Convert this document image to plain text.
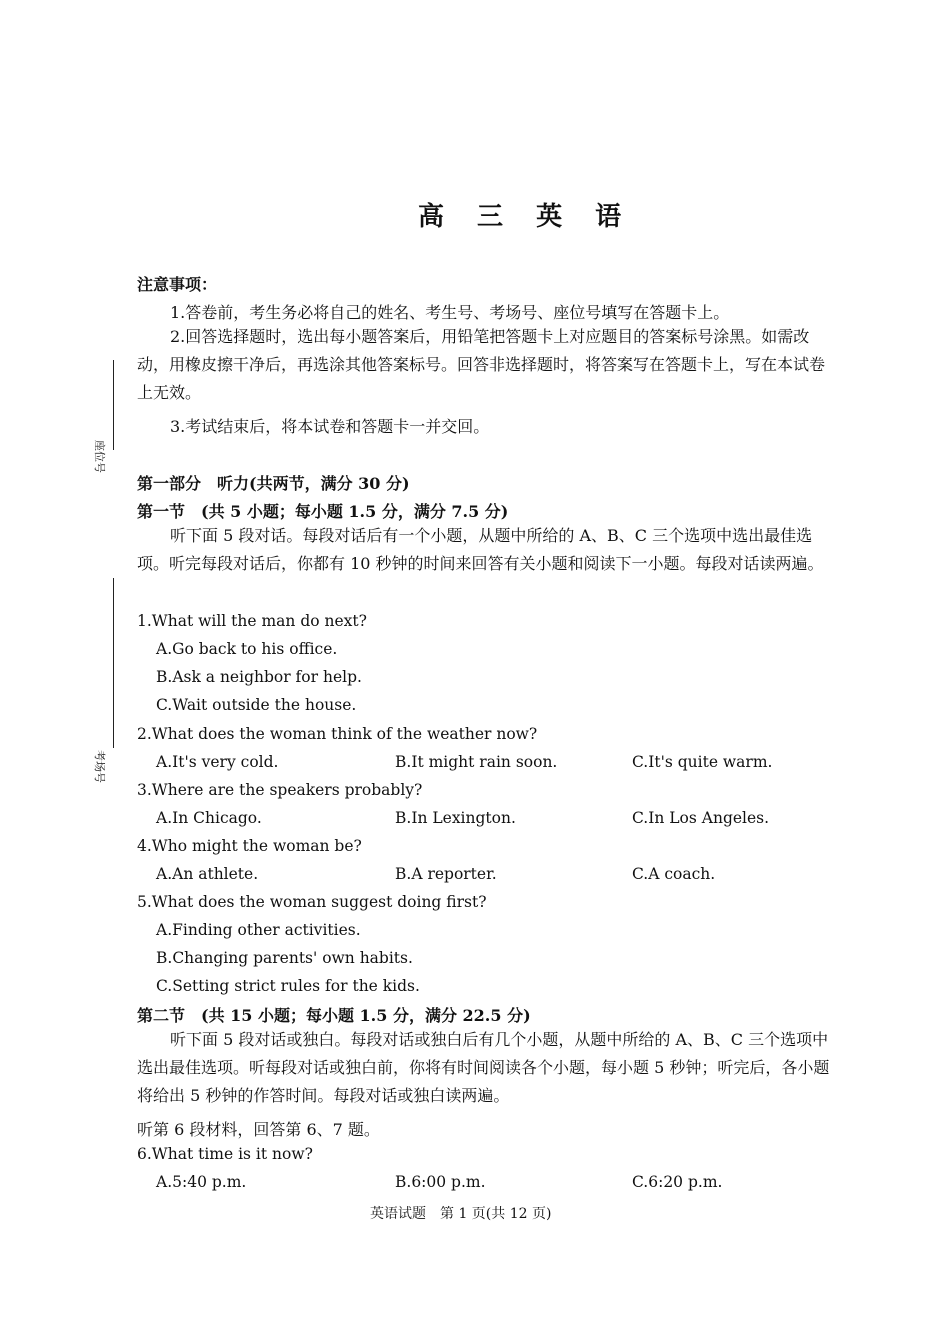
座位号
考场号
高 三 英 语
注意事项：
1.答卷前，考生务必将自己的姓名、考生号、考场号、座位号填写在答题卡上。
2.回答选择题时，选出每小题答案后，用铅笔把答题卡上对应题目的答案标号涂黑。如需改动，用橡皮擦干净后，再选涂其他答案标号。回答非选择题时，将答案写在答题卡上，写在本试卷上无效。
3.考试结束后，将本试卷和答题卡一并交回。
第一部分　听力(共两节，满分 30 分)
第一节　(共 5 小题；每小题 1.5 分，满分 7.5 分)
听下面 5 段对话。每段对话后有一个小题，从题中所给的 A、B、C 三个选项中选出最佳选项。听完每段对话后，你都有 10 秒钟的时间来回答有关小题和阅读下一小题。每段对话读两遍。
1.What will the man do next?
A.Go back to his office.
B.Ask a neighbor for help.
C.Wait outside the house.
2.What does the woman think of the weather now?
A.It's very cold.	B.It might rain soon.	C.It's quite warm.
3.Where are the speakers probably?
A.In Chicago.	B.In Lexington.	C.In Los Angeles.
4.Who might the woman be?
A.An athlete.	B.A reporter.	C.A coach.
5.What does the woman suggest doing first?
A.Finding other activities.
B.Changing parents' own habits.
C.Setting strict rules for the kids.
第二节　(共 15 小题；每小题 1.5 分，满分 22.5 分)
听下面 5 段对话或独白。每段对话或独白后有几个小题，从题中所给的 A、B、C 三个选项中选出最佳选项。听每段对话或独白前，你将有时间阅读各个小题，每小题 5 秒钟；听完后，各小题将给出 5 秒钟的作答时间。每段对话或独白读两遍。
听第 6 段材料，回答第 6、7 题。
6.What time is it now?
A.5:40 p.m.	B.6:00 p.m.	C.6:20 p.m.
英语试题　第 1 页(共 12 页)
